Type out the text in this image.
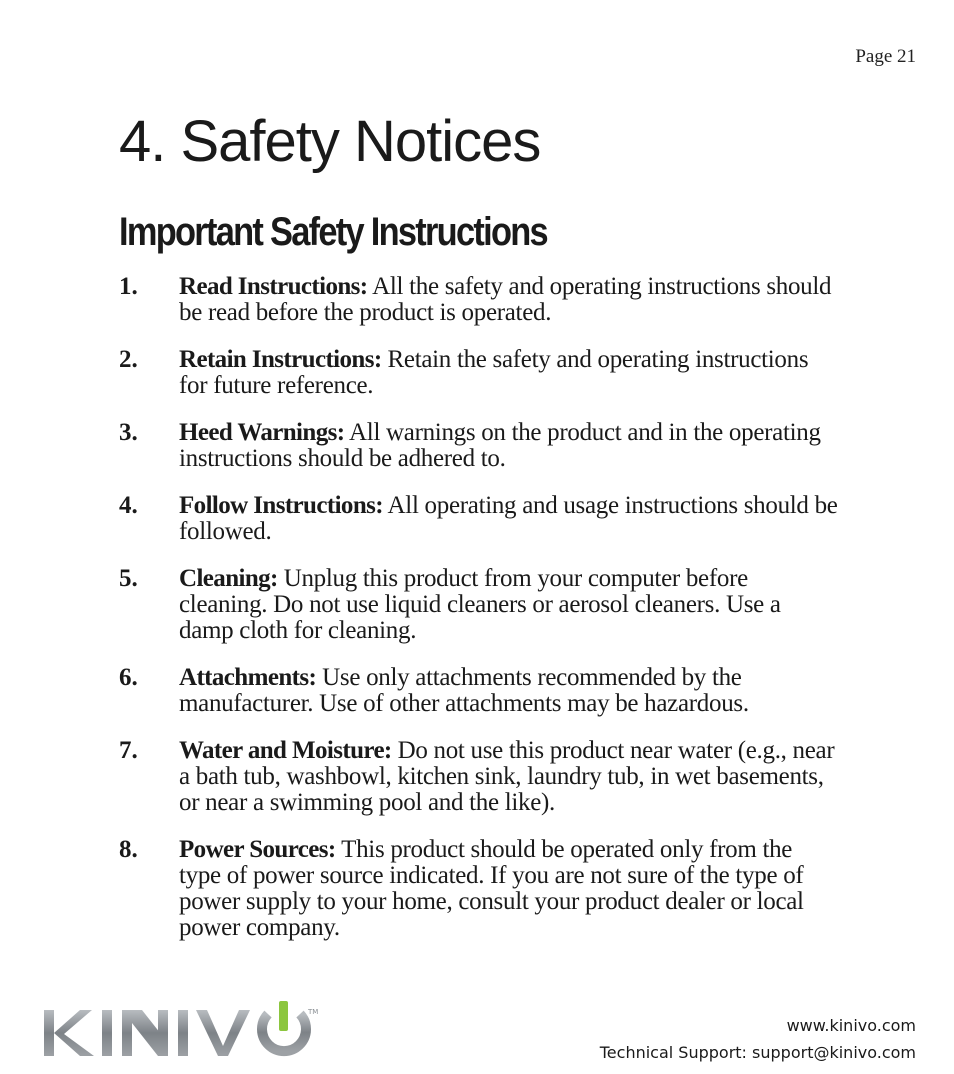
Page 21
4. Safety Notices
Important Safety Instructions
1.	Read Instructions: All the safety and operating instructions should be read before the product is operated.
2.	Retain Instructions: Retain the safety and operating instructions for future reference.
3.	Heed Warnings: All warnings on the product and in the operating instructions should be adhered to.
4.	Follow Instructions: All operating and usage instructions should be followed.
5.	Cleaning: Unplug this product from your computer before cleaning. Do not use liquid cleaners or aerosol cleaners. Use a damp cloth for cleaning.
6.	Attachments: Use only attachments recommended by the manufacturer. Use of other attachments may be hazardous.
7.	Water and Moisture: Do not use this product near water (e.g., near a bath tub, washbowl, kitchen sink, laundry tub, in wet basements, or near a swimming pool and the like).
8.	Power Sources: This product should be operated only from the type of power source indicated. If you are not sure of the type of power supply to your home, consult your product dealer or local power company.
TM
www.kinivo.com
Technical Support: support@kinivo.com
